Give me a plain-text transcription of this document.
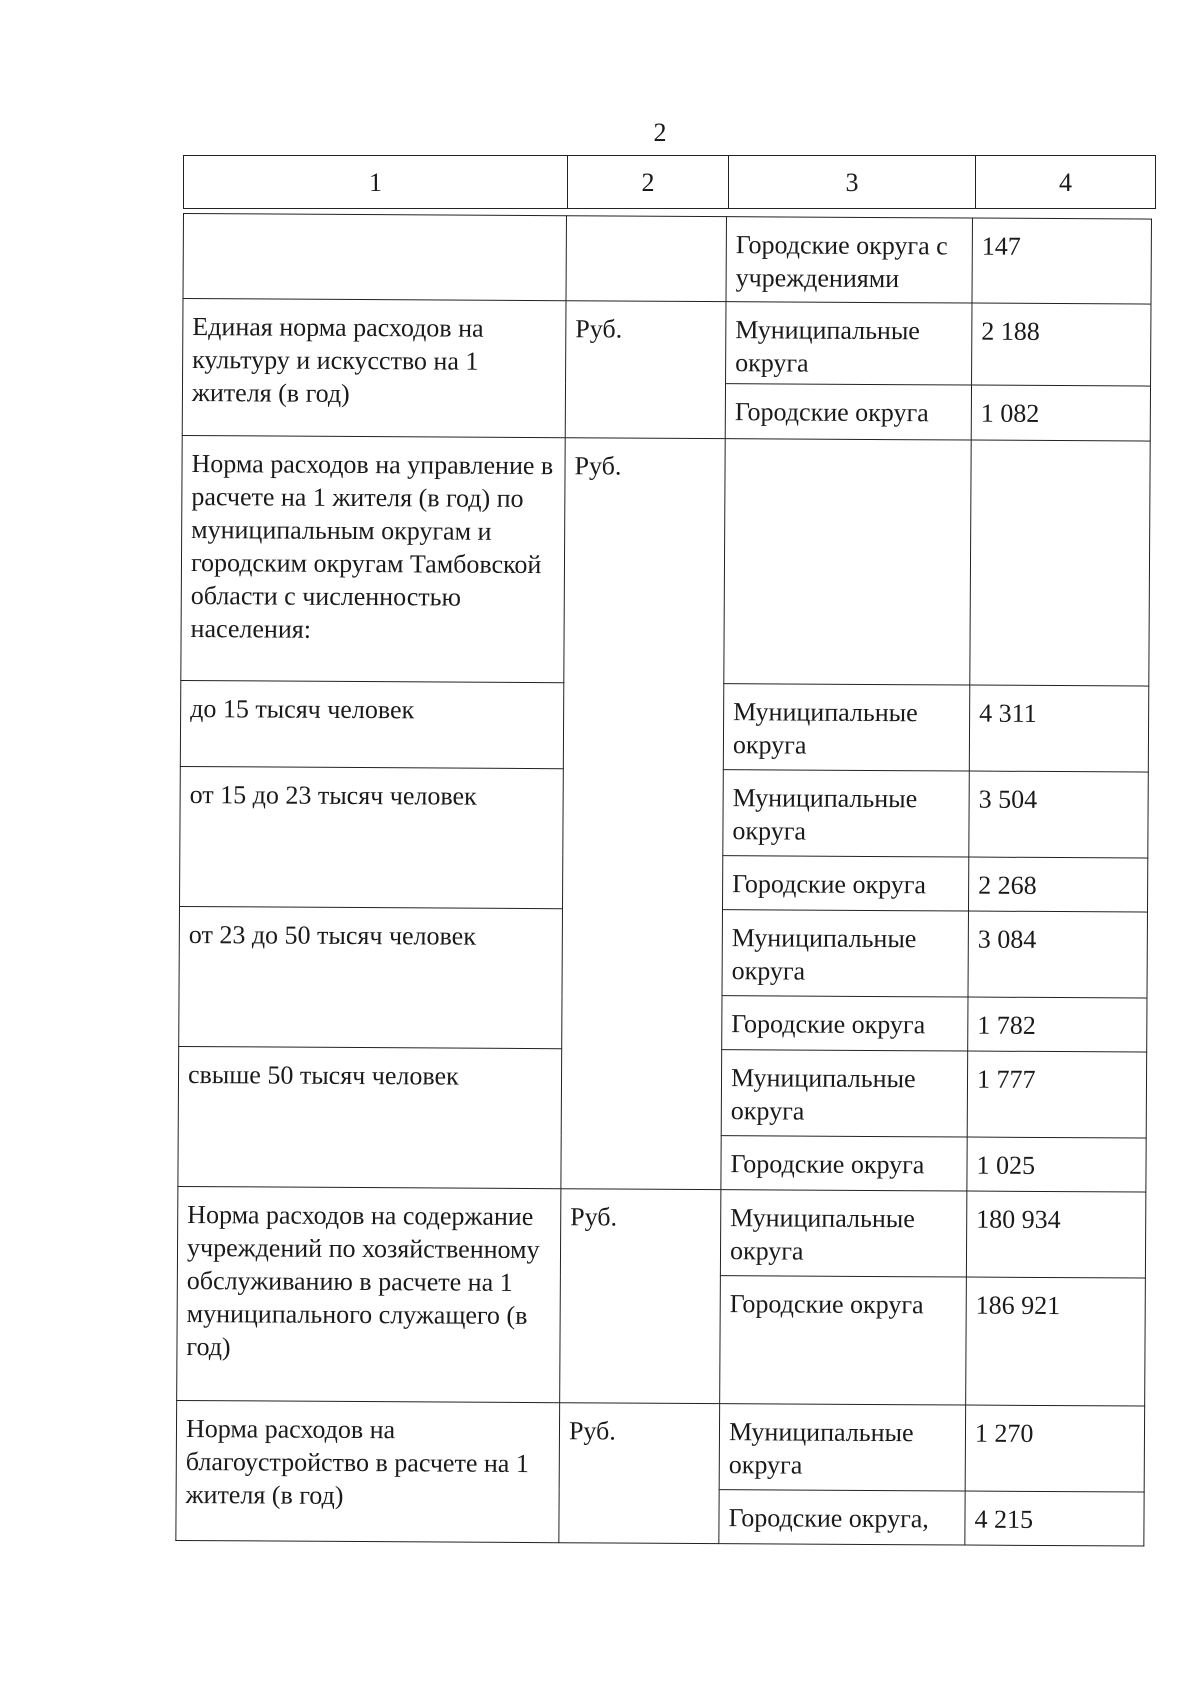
2
1	2	3	4
		Городские округа с учреждениями	147
Единая норма расходов на культуру и искусство на 1 жителя (в год)	Руб.	Муниципальные округа	2 188
		Городские округа	1 082
Норма расходов на управление в расчете на 1 жителя (в год) по муниципальным округам и городским округам Тамбовской области с численностью населения:	Руб.		
до 15 тысяч человек		Муниципальные округа	4 311
от 15 до 23 тысяч человек		Муниципальные округа	3 504
		Городские округа	2 268
от 23 до 50 тысяч человек		Муниципальные округа	3 084
		Городские округа	1 782
свыше 50 тысяч человек		Муниципальные округа	1 777
		Городские округа	1 025
Норма расходов на содержание учреждений по хозяйственному обслуживанию в расчете на 1 муниципального служащего (в год)	Руб.	Муниципальные округа	180 934
		Городские округа	186 921
Норма расходов на благоустройство в расчете на 1 жителя (в год)	Руб.	Муниципальные округа	1 270
		Городские округа,	4 215
